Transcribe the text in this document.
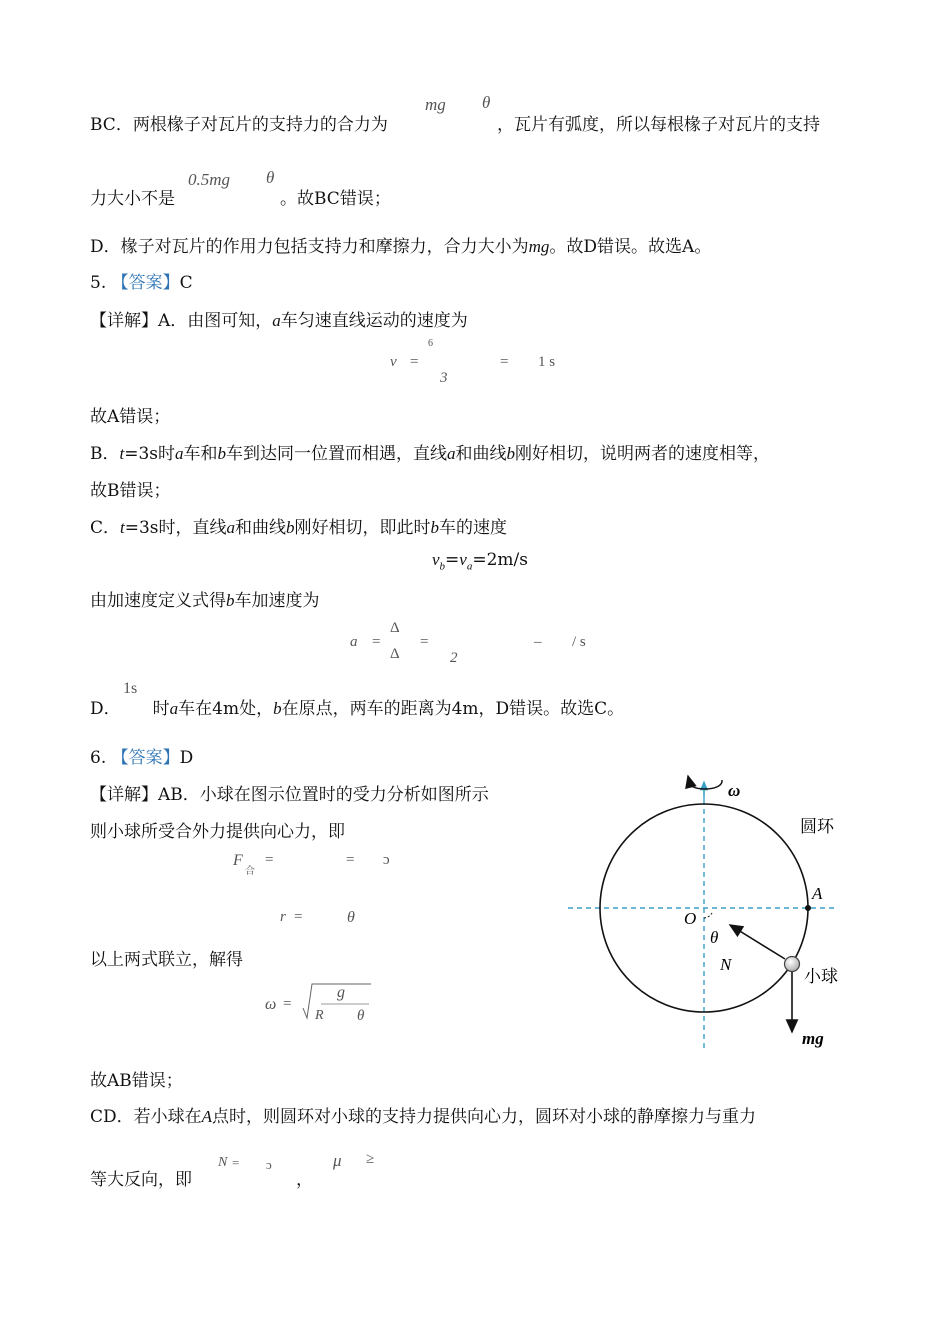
BC．两根椽子对瓦片的支持力的合力为
mg θ
，瓦片有弧度，所以每根椽子对瓦片的支持
力大小不是
0.5mg θ
。故BC错误；
D．椽子对瓦片的作用力包括支持力和摩擦力，合力大小为mg。故D错误。故选A。
5. 【答案】C
【详解】A．由图可知，a车匀速直线运动的速度为
v =
6
3
= 1 s
故A错误；
B．t=3s时a车和b车到达同一位置而相遇，直线a和曲线b刚好相切，说明两者的速度相等，
故B错误；
C．t=3s时，直线a和曲线b刚好相切，即此时b车的速度
$v_b=v_a=2m/s$
由加速度定义式得b车加速度为
a =
Δ
Δ
=
2
– / s
1s
D． 时a车在4m处，b在原点，两车的距离为4m，D错误。故选C。
6. 【答案】D
【详解】AB．小球在图示位置时的受力分析如图所示
则小球所受合外力提供向心力，即
F
合
=	= ɔ
r =	θ
以上两式联立，解得
ω =
g
R θ
故AB错误；
CD．若小球在A点时，则圆环对小球的支持力提供向心力，圆环对小球的静摩擦力与重力
等大反向，即
N = ɔ
，
μ ≥
ω
圆环
A
O
θ
N
小球
mg
